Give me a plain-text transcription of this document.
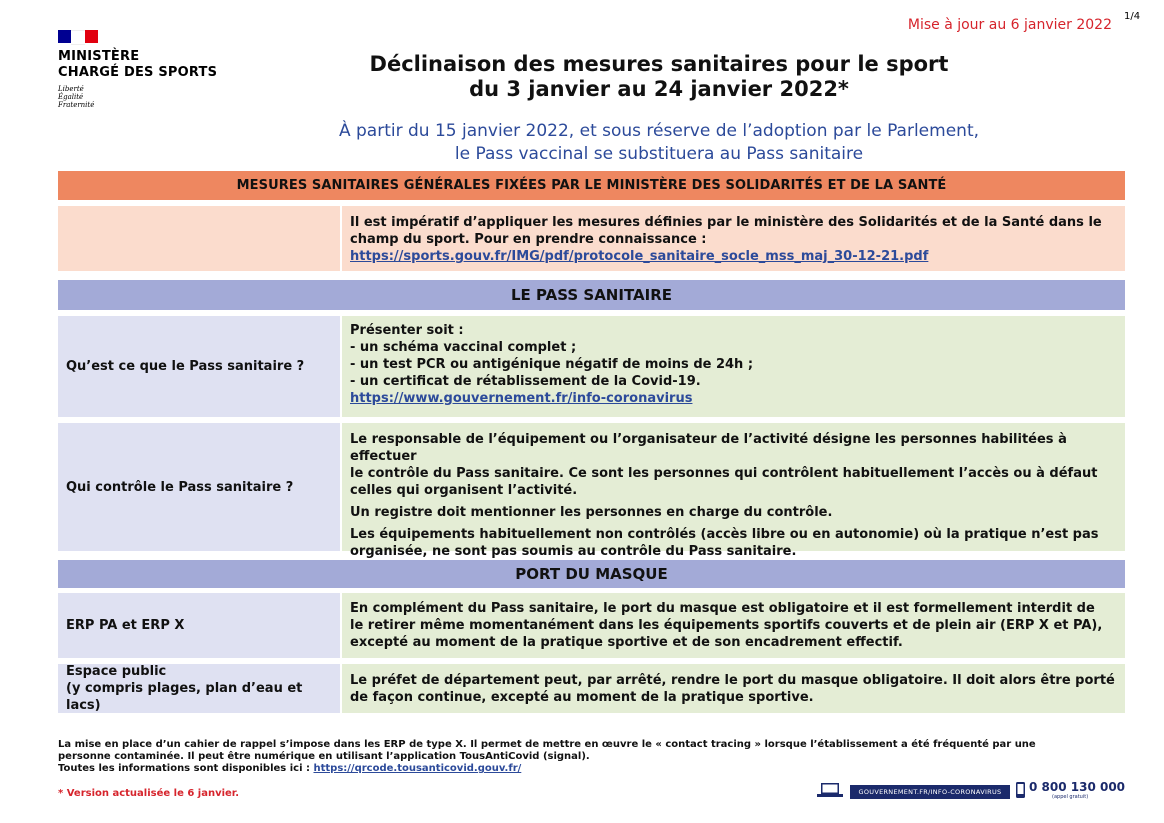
MINISTÈRE
CHARGÉ DES SPORTS
Liberté
Égalité
Fraternité
Mise à jour au 6 janvier 2022
1/4
Déclinaison des mesures sanitaires pour le sport
du 3 janvier au 24 janvier 2022*
À partir du 15 janvier 2022, et sous réserve de l’adoption par le Parlement,
le Pass vaccinal se substituera au Pass sanitaire
MESURES SANITAIRES GÉNÉRALES FIXÉES PAR LE MINISTÈRE DES SOLIDARITÉS ET DE LA SANTÉ
Il est impératif d’appliquer les mesures définies par le ministère des Solidarités et de la Santé dans le
champ du sport. Pour en prendre connaissance :
https://sports.gouv.fr/IMG/pdf/protocole_sanitaire_socle_mss_maj_30-12-21.pdf
LE PASS SANITAIRE
Qu’est ce que le Pass sanitaire ?
Présenter soit :
- un schéma vaccinal complet ;
- un test PCR ou antigénique négatif de moins de 24h ;
- un certificat de rétablissement de la Covid-19.
https://www.gouvernement.fr/info-coronavirus
Qui contrôle le Pass sanitaire ?

Le responsable de l’équipement ou l’organisateur de l’activité désigne les personnes habilitées à effectuer
le contrôle du Pass sanitaire. Ce sont les personnes qui contrôlent habituellement l’accès ou à défaut
celles qui organisent l’activité.

Un registre doit mentionner les personnes en charge du contrôle.

Les équipements habituellement non contrôlés (accès libre ou en autonomie) où la pratique n’est pas
organisée, ne sont pas soumis au contrôle du Pass sanitaire.

PORT DU MASQUE
ERP PA et ERP X
En complément du Pass sanitaire, le port du masque est obligatoire et il est formellement interdit de
le retirer même momentanément dans les équipements sportifs couverts et de plein air (ERP X et PA),
excepté au moment de la pratique sportive et de son encadrement effectif.
Espace public
(y compris plages, plan d’eau et lacs)
Le préfet de département peut, par arrêté, rendre le port du masque obligatoire. Il doit alors être porté
de façon continue, excepté au moment de la pratique sportive.
La mise en place d’un cahier de rappel s’impose dans les ERP de type X. Il permet de mettre en œuvre le « contact tracing » lorsque l’établissement a été fréquenté par une
personne contaminée. Il peut être numérique en utilisant l’application TousAntiCovid (signal).
Toutes les informations sont disponibles ici : https://qrcode.tousanticovid.gouv.fr/
* Version actualisée le 6 janvier.	GOUVERNEMENT.FR/INFO-CORONAVIRUS	0 800 130 000
(appel gratuit)
